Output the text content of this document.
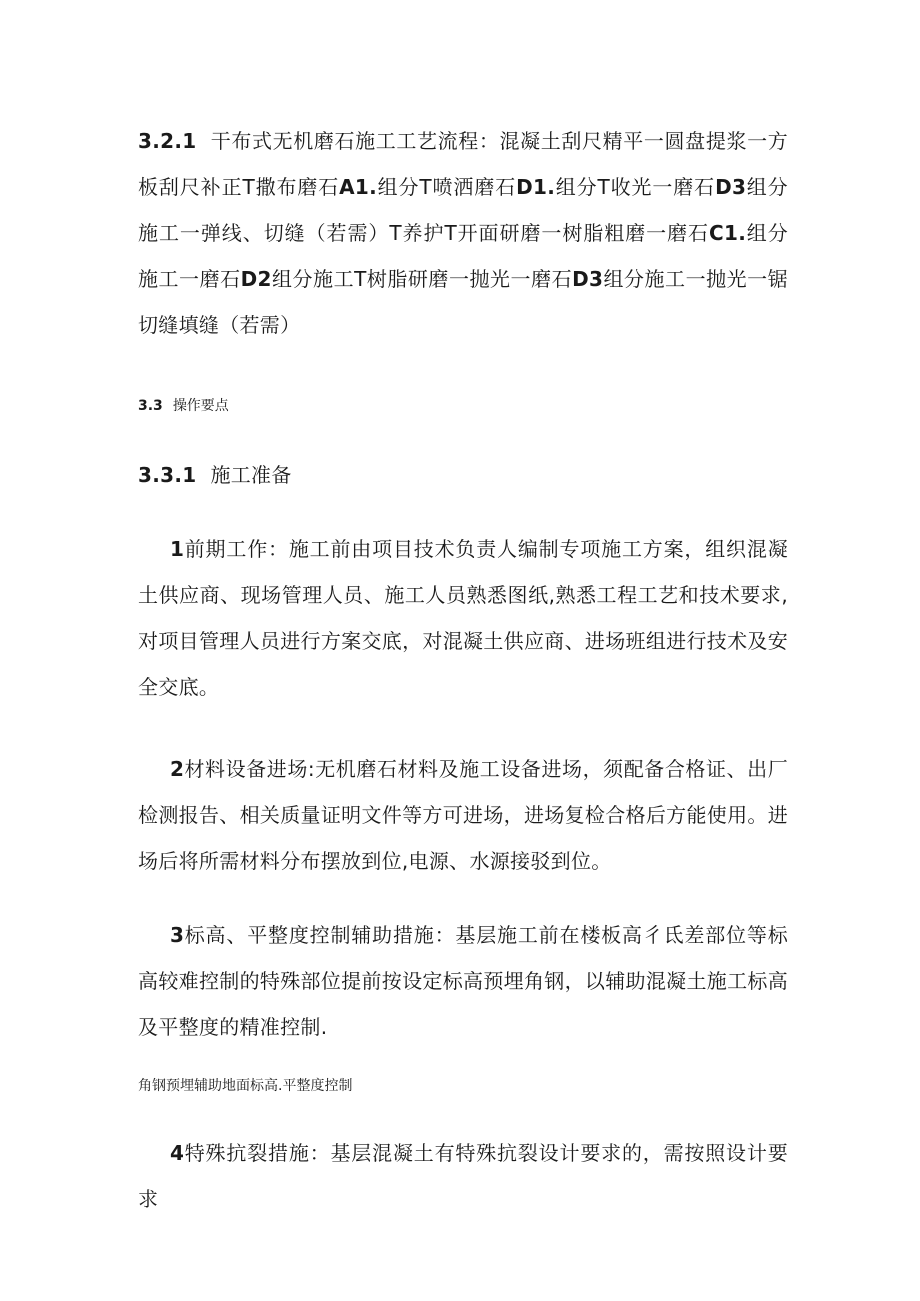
3.2.1 干布式无机磨石施工工艺流程：混凝土刮尺精平一圆盘提浆一方板刮尺补正T撒布磨石A1.组分T喷洒磨石D1.组分T收光一磨石D3组分施工一弹线、切缝（若需）T养护T开面研磨一树脂粗磨一磨石C1.组分施工一磨石D2组分施工T树脂研磨一抛光一磨石D3组分施工一抛光一锯切缝填缝（若需）

3.3 操作要点

3.3.1 施工准备

1前期工作：施工前由项目技术负责人编制专项施工方案，组织混凝土供应商、现场管理人员、施工人员熟悉图纸,熟悉工程工艺和技术要求,对项目管理人员进行方案交底，对混凝土供应商、进场班组进行技术及安全交底。

2材料设备进场:无机磨石材料及施工设备进场，须配备合格证、出厂检测报告、相关质量证明文件等方可进场，进场复检合格后方能使用。进场后将所需材料分布摆放到位,电源、水源接驳到位。

3标高、平整度控制辅助措施：基层施工前在楼板高彳氐差部位等标高较难控制的特殊部位提前按设定标高预埋角钢，以辅助混凝土施工标高及平整度的精准控制.

角钢预埋辅助地面标高.平整度控制

4特殊抗裂措施：基层混凝土有特殊抗裂设计要求的，需按照设计要求
